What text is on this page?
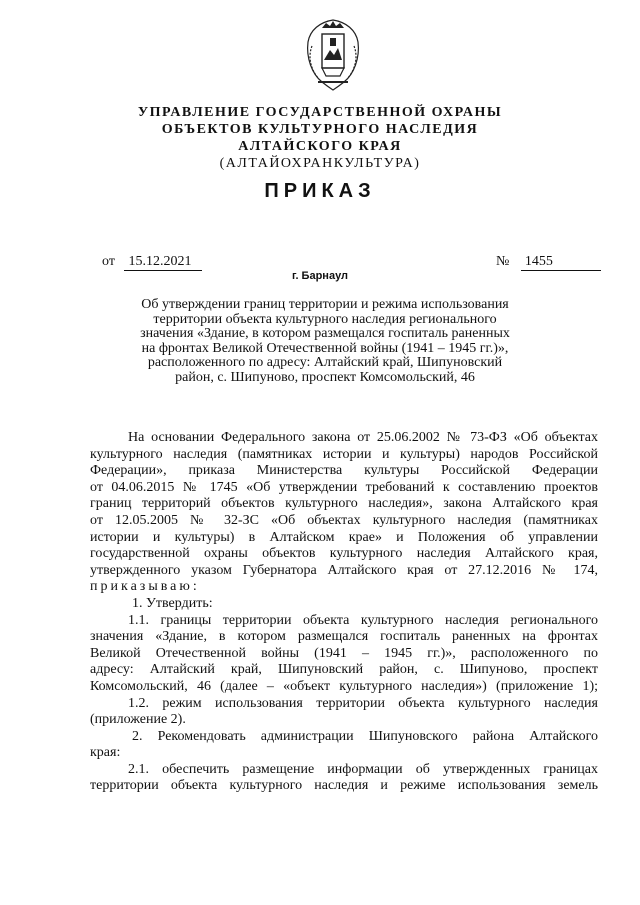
УПРАВЛЕНИЕ ГОСУДАРСТВЕННОЙ ОХРАНЫ
ОБЪЕКТОВ КУЛЬТУРНОГО НАСЛЕДИЯ
АЛТАЙСКОГО КРАЯ
(АЛТАЙОХРАНКУЛЬТУРА)
ПРИКАЗ
от 15.12.2021	№ 1455
г. Барнаул
Об утверждении границ территории и режима использования
территории объекта культурного наследия регионального
значения «Здание, в котором размещался госпиталь раненных
на фронтах Великой Отечественной войны (1941 – 1945 гг.)»,
расположенного по адресу: Алтайский край, Шипуновский
район, с. Шипуново, проспект Комсомольский, 46
На основании Федерального закона от 25.06.2002 № 73-ФЗ «Об объектах
культурного наследия (памятниках истории и культуры) народов Российской
Федерации», приказа Министерства культуры Российской Федерации
от 04.06.2015 № 1745 «Об утверждении требований к составлению проектов
границ территорий объектов культурного наследия», закона Алтайского края
от 12.05.2005 № 32-ЗС «Об объектах культурного наследия (памятниках
истории и культуры) в Алтайском крае» и Положения об управлении
государственной охраны объектов культурного наследия Алтайского края,
утвержденного указом Губернатора Алтайского края от 27.12.2016 № 174,
приказываю:
1. Утвердить:
1.1. границы территории объекта культурного наследия регионального
значения «Здание, в котором размещался госпиталь раненных на фронтах
Великой Отечественной войны (1941 – 1945 гг.)», расположенного по
адресу: Алтайский край, Шипуновский район, с. Шипуново, проспект
Комсомольский, 46 (далее – «объект культурного наследия») (приложение 1);
1.2. режим использования территории объекта культурного наследия
(приложение 2).
2. Рекомендовать администрации Шипуновского района Алтайского
края:
2.1. обеспечить размещение информации об утвержденных границах
территории объекта культурного наследия и режиме использования земель
